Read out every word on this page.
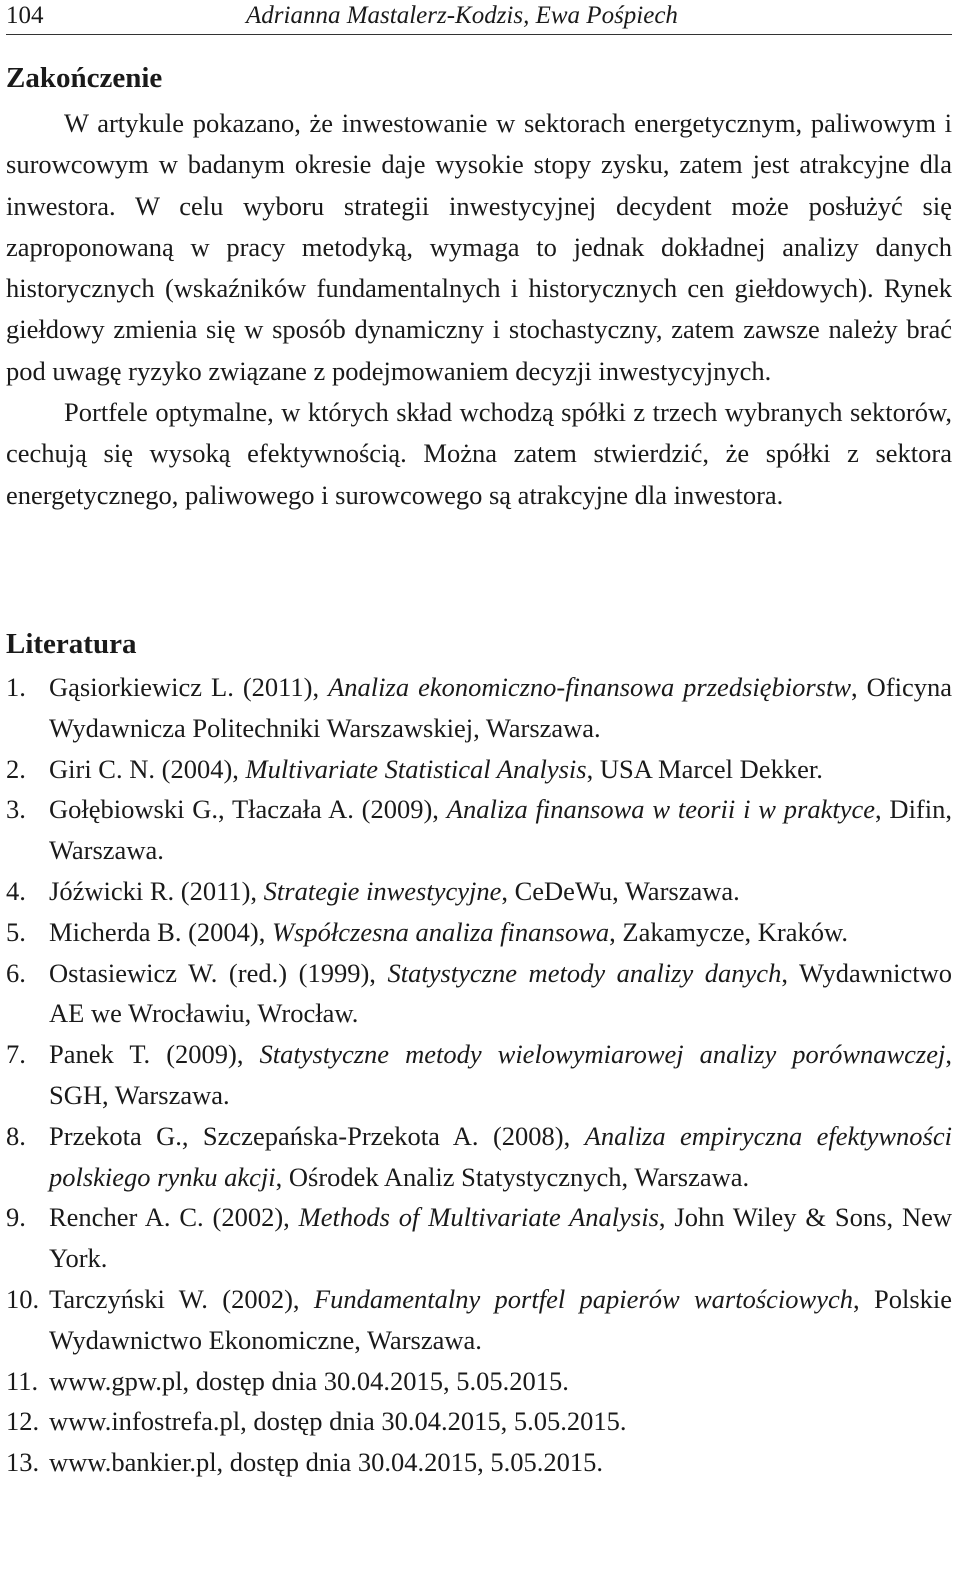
104	Adrianna Mastalerz-Kodzis, Ewa Pośpiech
Zakończenie

W artykule pokazano, że inwestowanie w sektorach energetycznym, paliwowym i surowcowym w badanym okresie daje wysokie stopy zysku, zatem jest atrakcyjne dla inwestora. W celu wyboru strategii inwestycyjnej decydent może posłużyć się zaproponowaną w pracy metodyką, wymaga to jednak dokładnej analizy danych historycznych (wskaźników fundamentalnych i historycznych cen giełdowych). Rynek giełdowy zmienia się w sposób dynamiczny i stochastyczny, zatem zawsze należy brać pod uwagę ryzyko związane z podejmowaniem decyzji inwestycyjnych.

Portfele optymalne, w których skład wchodzą spółki z trzech wybranych sektorów, cechują się wysoką efektywnością. Można zatem stwierdzić, że spółki z sektora energetycznego, paliwowego i surowcowego są atrakcyjne dla inwestora.

Literatura
1. Gąsiorkiewicz L. (2011), Analiza ekonomiczno-finansowa przedsiębiorstw, Oficyna Wydawnicza Politechniki Warszawskiej, Warszawa.
2. Giri C. N. (2004), Multivariate Statistical Analysis, USA Marcel Dekker.
3. Gołębiowski G., Tłaczała A. (2009), Analiza finansowa w teorii i w praktyce, Difin, Warszawa.
4. Jóźwicki R. (2011), Strategie inwestycyjne, CeDeWu, Warszawa.
5. Micherda B. (2004), Współczesna analiza finansowa, Zakamycze, Kraków.
6. Ostasiewicz W. (red.) (1999), Statystyczne metody analizy danych, Wydawnictwo AE we Wrocławiu, Wrocław.
7. Panek T. (2009), Statystyczne metody wielowymiarowej analizy porównawczej, SGH, Warszawa.
8. Przekota G., Szczepańska-Przekota A. (2008), Analiza empiryczna efektywności polskiego rynku akcji, Ośrodek Analiz Statystycznych, Warszawa.
9. Rencher A. C. (2002), Methods of Multivariate Analysis, John Wiley & Sons, New York.
10. Tarczyński W. (2002), Fundamentalny portfel papierów wartościowych, Polskie Wydawnictwo Ekonomiczne, Warszawa.
11. www.gpw.pl, dostęp dnia 30.04.2015, 5.05.2015.
12. www.infostrefa.pl, dostęp dnia 30.04.2015, 5.05.2015.
13. www.bankier.pl, dostęp dnia 30.04.2015, 5.05.2015.
